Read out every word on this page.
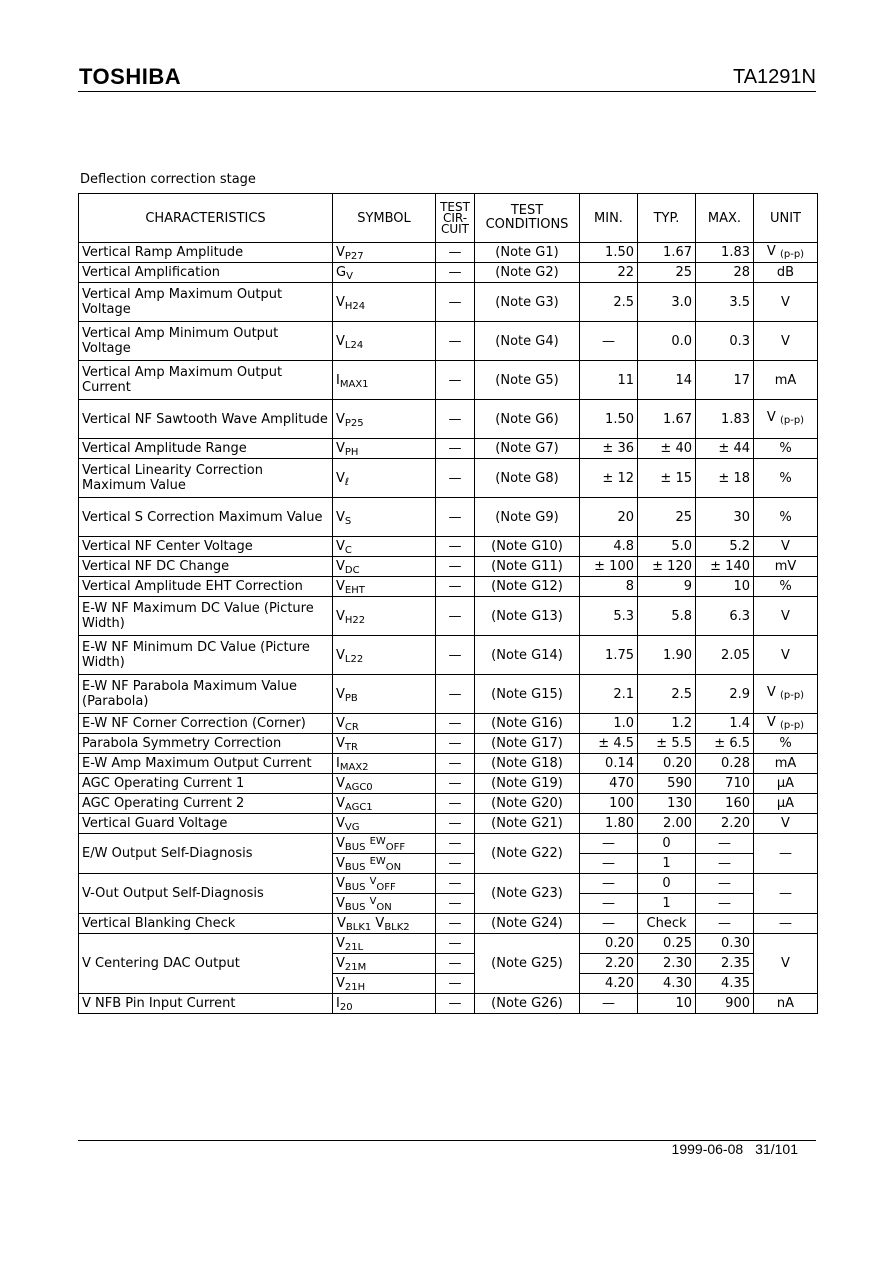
TOSHIBA	TA1291N
Deflection correction stage
CHARACTERISTICS	SYMBOL	TEST
CIR-
CUIT	TEST
CONDITIONS	MIN.	TYP.	MAX.	UNIT
Vertical Ramp Amplitude	$V_{P27}$	—	(Note G1)	1.50	1.67	1.83	V (p-p)
Vertical Amplification	$G_V$	—	(Note G2)	22	25	28	dB
Vertical Amp Maximum Output Voltage	$V_{H24}$	—	(Note G3)	2.5	3.0	3.5	V
Vertical Amp Minimum Output Voltage	$V_{L24}$	—	(Note G4)	—	0.0	0.3	V
Vertical Amp Maximum Output Current	$I_{MAX1}$	—	(Note G5)	11	14	17	mA
Vertical NF Sawtooth Wave Amplitude	$V_{P25}$	—	(Note G6)	1.50	1.67	1.83	V (p-p)
Vertical Amplitude Range	$V_{PH}$	—	(Note G7)	± 36	± 40	± 44	%
Vertical Linearity Correction Maximum Value	$V_\ell$	—	(Note G8)	± 12	± 15	± 18	%
Vertical S Correction Maximum Value	$V_S$	—	(Note G9)	20	25	30	%
Vertical NF Center Voltage	$V_C$	—	(Note G10)	4.8	5.0	5.2	V
Vertical NF DC Change	$V_{DC}$	—	(Note G11)	± 100	± 120	± 140	mV
Vertical Amplitude EHT Correction	$V_{EHT}$	—	(Note G12)	8	9	10	%
E-W NF Maximum DC Value (Picture Width)	$V_{H22}$	—	(Note G13)	5.3	5.8	6.3	V
E-W NF Minimum DC Value (Picture Width)	$V_{L22}$	—	(Note G14)	1.75	1.90	2.05	V
E-W NF Parabola Maximum Value (Parabola)	$V_{PB}$	—	(Note G15)	2.1	2.5	2.9	V (p-p)
E-W NF Corner Correction (Corner)	$V_{CR}$	—	(Note G16)	1.0	1.2	1.4	V (p-p)
Parabola Symmetry Correction	$V_{TR}$	—	(Note G17)	± 4.5	± 5.5	± 6.5	%
E-W Amp Maximum Output Current	$I_{MAX2}$	—	(Note G18)	0.14	0.20	0.28	mA
AGC Operating Current 1	$V_{AGC0}$	—	(Note G19)	470	590	710	μA
AGC Operating Current 2	$V_{AGC1}$	—	(Note G20)	100	130	160	μA
Vertical Guard Voltage	$V_{VG}$	—	(Note G21)	1.80	2.00	2.20	V
E/W Output Self-Diagnosis	$V_{BUS}$ $^{EW}_{OFF}$	—	(Note G22)	—	0	—	—
	$V_{BUS}$ $^{EW}_{ON}$	—		—	1	—	
V-Out Output Self-Diagnosis	$V_{BUS}$ $^V_{OFF}$	—	(Note G23)	—	0	—	—
	$V_{BUS}$ $^V_{ON}$	—		—	1	—	
Vertical Blanking Check	$V_{BLK1}$ $V_{BLK2}$	—	(Note G24)	—	Check	—	—
V Centering DAC Output	$V_{21L}$	—	(Note G25)	0.20	0.25	0.30	V
	$V_{21M}$	—		2.20	2.30	2.35	
	$V_{21H}$	—		4.20	4.30	4.35	
V NFB Pin Input Current	$I_{20}$	—	(Note G26)	—	10	900	nA
1999-06-08 31/101
